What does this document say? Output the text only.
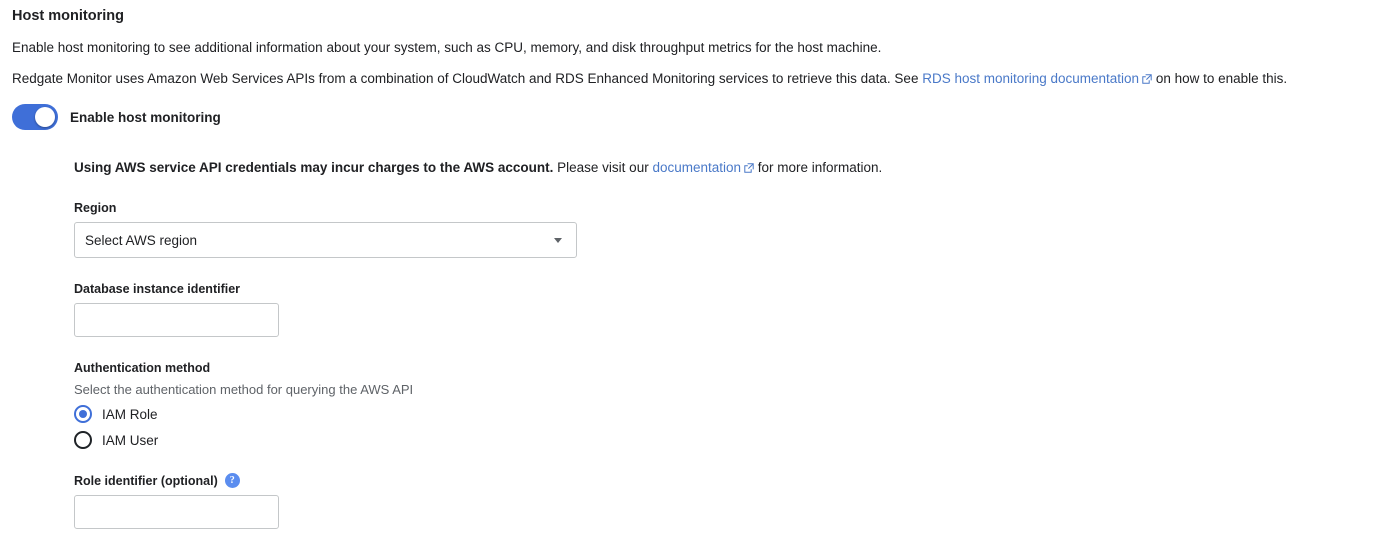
Host monitoring
Enable host monitoring to see additional information about your system, such as CPU, memory, and disk throughput metrics for the host machine.
Redgate Monitor uses Amazon Web Services APIs from a combination of CloudWatch and RDS Enhanced Monitoring services to retrieve this data. See RDS host monitoring documentation
on how to enable this.
Enable host monitoring
Using AWS service API credentials may incur charges to the AWS account. Please visit our documentation
for more information.
Region
Select AWS region
Database instance identifier
Authentication method
Select the authentication method for querying the AWS API
IAM Role
IAM User
Role identifier (optional)	?
